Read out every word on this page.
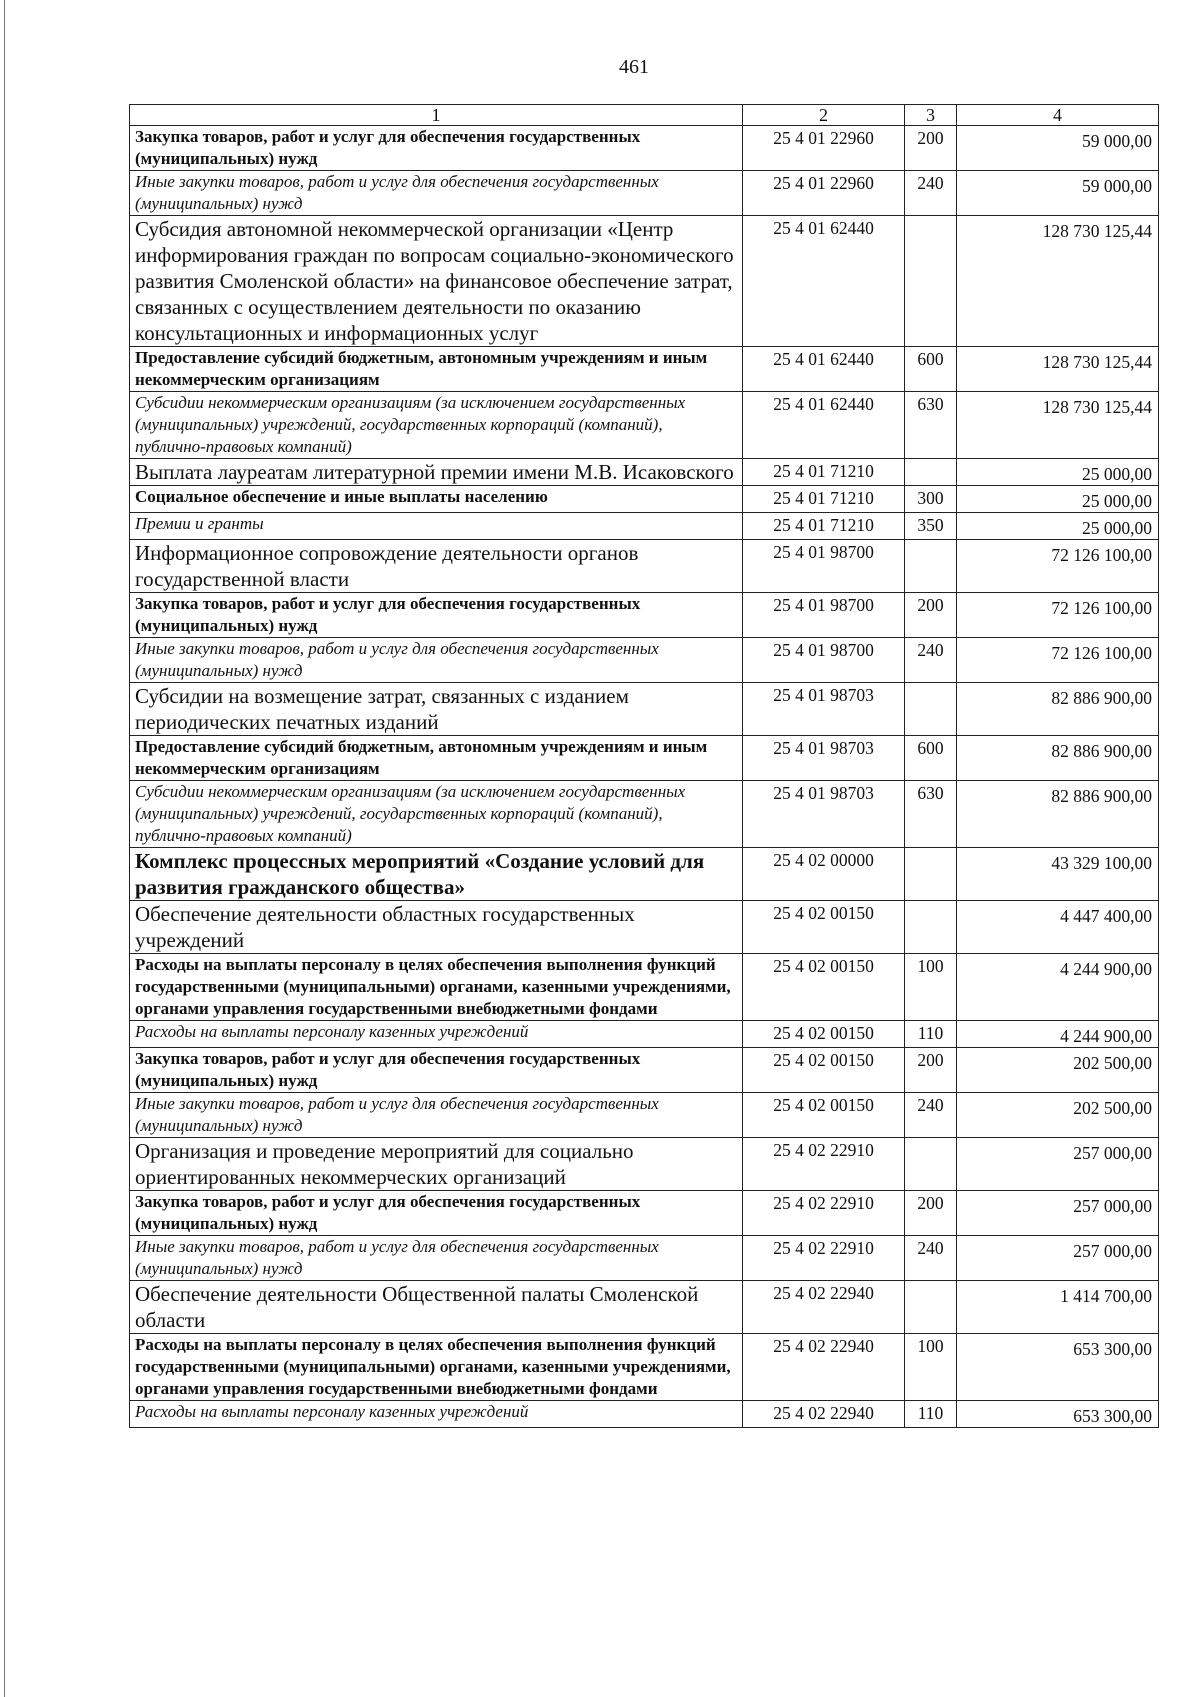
461
1	2	3	4
Закупка товаров, работ и услуг для обеспечения государственных (муниципальных) нужд	25 4 01 22960	200	59 000,00
Иные закупки товаров, работ и услуг для обеспечения государственных (муниципальных) нужд	25 4 01 22960	240	59 000,00
Субсидия автономной некоммерческой организации «Центр информирования граждан по вопросам социально-экономического развития Смоленской области» на финансовое обеспечение затрат, связанных с осуществлением деятельности по оказанию консультационных и информационных услуг	25 4 01 62440		128 730 125,44
Предоставление субсидий бюджетным, автономным учреждениям и иным некоммерческим организациям	25 4 01 62440	600	128 730 125,44
Субсидии некоммерческим организациям (за исключением государственных (муниципальных) учреждений, государственных корпораций (компаний), публично-правовых компаний)	25 4 01 62440	630	128 730 125,44
Выплата лауреатам литературной премии имени М.В. Исаковского	25 4 01 71210		25 000,00
Социальное обеспечение и иные выплаты населению	25 4 01 71210	300	25 000,00
Премии и гранты	25 4 01 71210	350	25 000,00
Информационное сопровождение деятельности органов государственной власти	25 4 01 98700		72 126 100,00
Закупка товаров, работ и услуг для обеспечения государственных (муниципальных) нужд	25 4 01 98700	200	72 126 100,00
Иные закупки товаров, работ и услуг для обеспечения государственных (муниципальных) нужд	25 4 01 98700	240	72 126 100,00
Субсидии на возмещение затрат, связанных с изданием периодических печатных изданий	25 4 01 98703		82 886 900,00
Предоставление субсидий бюджетным, автономным учреждениям и иным некоммерческим организациям	25 4 01 98703	600	82 886 900,00
Субсидии некоммерческим организациям (за исключением государственных (муниципальных) учреждений, государственных корпораций (компаний), публично-правовых компаний)	25 4 01 98703	630	82 886 900,00
Комплекс процессных мероприятий «Создание условий для развития гражданского общества»	25 4 02 00000		43 329 100,00
Обеспечение деятельности областных государственных учреждений	25 4 02 00150		4 447 400,00
Расходы на выплаты персоналу в целях обеспечения выполнения функций государственными (муниципальными) органами, казенными учреждениями, органами управления государственными внебюджетными фондами	25 4 02 00150	100	4 244 900,00
Расходы на выплаты персоналу казенных учреждений	25 4 02 00150	110	4 244 900,00
Закупка товаров, работ и услуг для обеспечения государственных (муниципальных) нужд	25 4 02 00150	200	202 500,00
Иные закупки товаров, работ и услуг для обеспечения государственных (муниципальных) нужд	25 4 02 00150	240	202 500,00
Организация и проведение мероприятий для социально ориентированных некоммерческих организаций	25 4 02 22910		257 000,00
Закупка товаров, работ и услуг для обеспечения государственных (муниципальных) нужд	25 4 02 22910	200	257 000,00
Иные закупки товаров, работ и услуг для обеспечения государственных (муниципальных) нужд	25 4 02 22910	240	257 000,00
Обеспечение деятельности Общественной палаты Смоленской области	25 4 02 22940		1 414 700,00
Расходы на выплаты персоналу в целях обеспечения выполнения функций государственными (муниципальными) органами, казенными учреждениями, органами управления государственными внебюджетными фондами	25 4 02 22940	100	653 300,00
Расходы на выплаты персоналу казенных учреждений	25 4 02 22940	110	653 300,00
